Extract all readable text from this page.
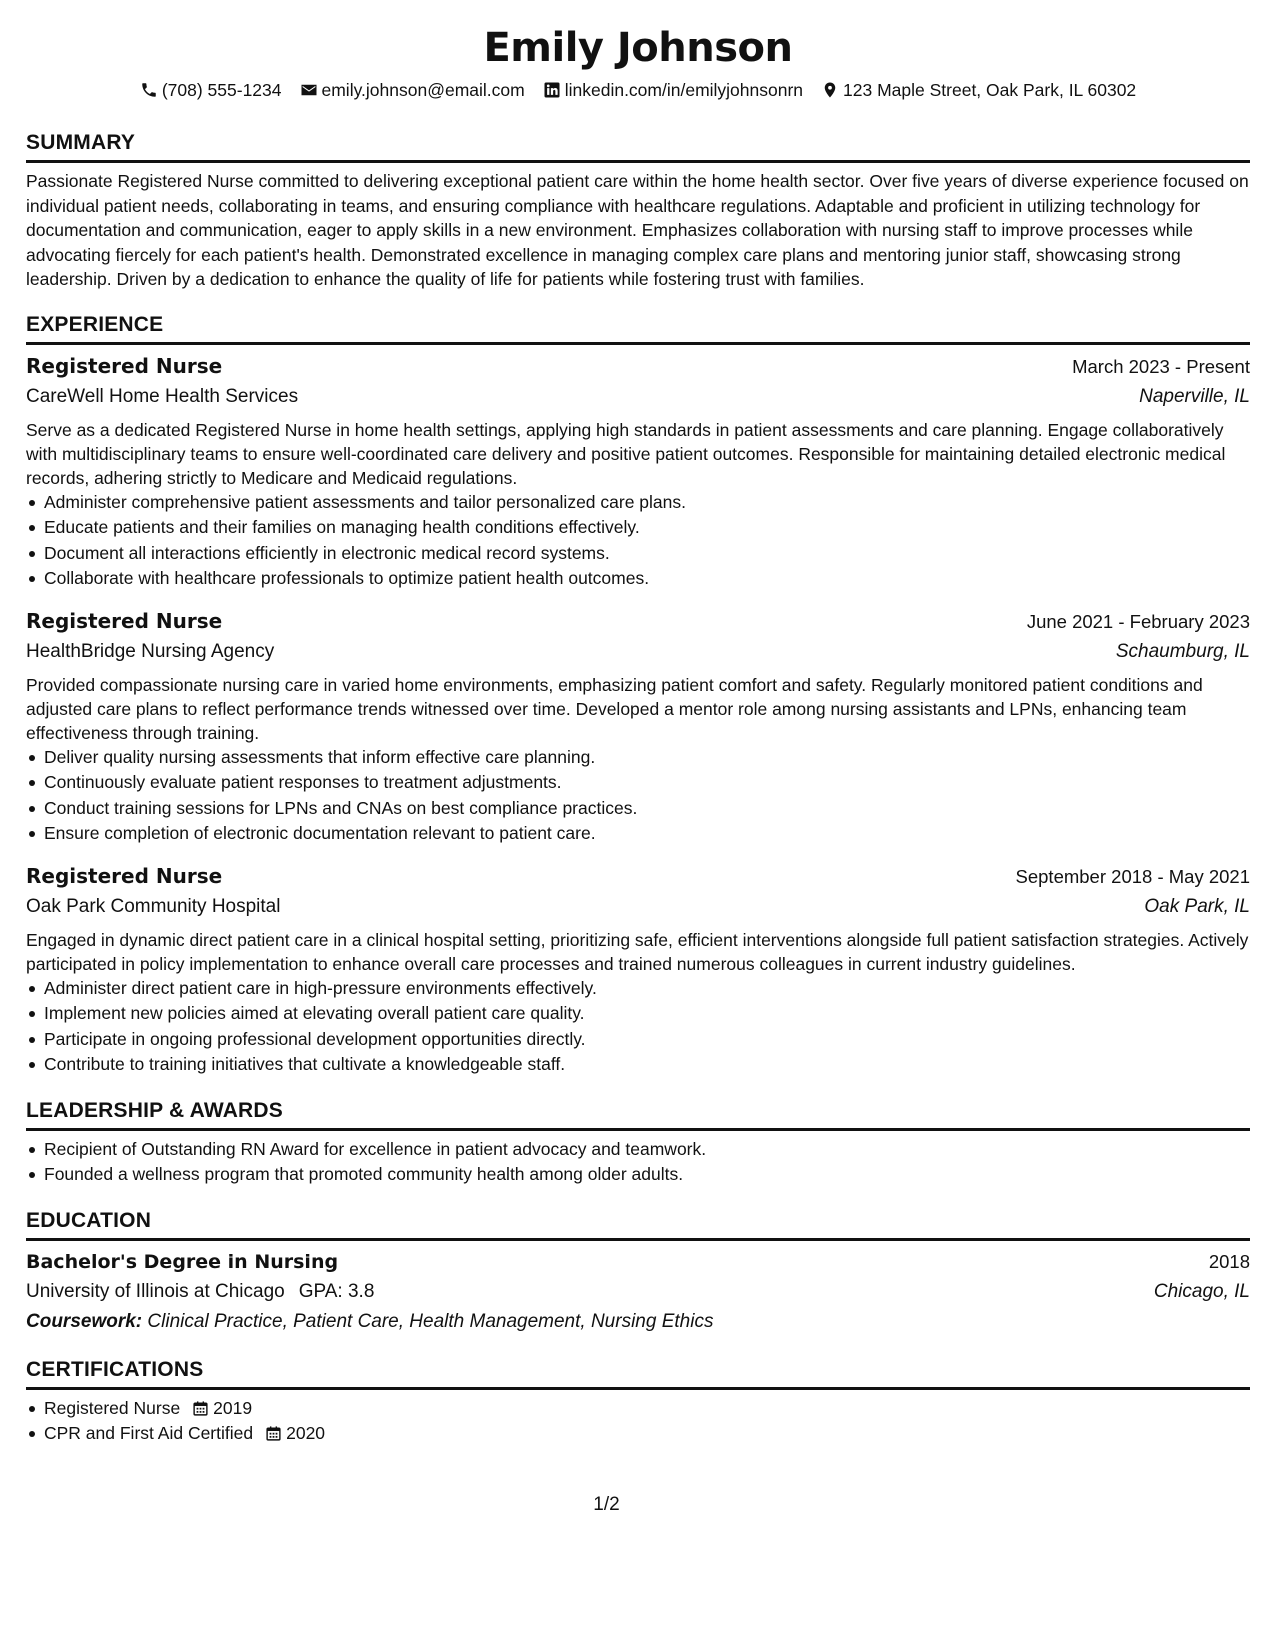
Emily Johnson
(708) 555-1234 emily.johnson@email.com linkedin.com/in/emilyjohnsonrn 123 Maple Street, Oak Park, IL 60302
SUMMARY
Passionate Registered Nurse committed to delivering exceptional patient care within the home health sector. Over five years of diverse experience focused on individual patient needs, collaborating in teams, and ensuring compliance with healthcare regulations. Adaptable and proficient in utilizing technology for documentation and communication, eager to apply skills in a new environment. Emphasizes collaboration with nursing staff to improve processes while advocating fiercely for each patient's health. Demonstrated excellence in managing complex care plans and mentoring junior staff, showcasing strong leadership. Driven by a dedication to enhance the quality of life for patients while fostering trust with families.
EXPERIENCE
Registered Nurse	March 2023 - Present
CareWell Home Health Services	Naperville, IL
Serve as a dedicated Registered Nurse in home health settings, applying high standards in patient assessments and care planning. Engage collaboratively with multidisciplinary teams to ensure well-coordinated care delivery and positive patient outcomes. Responsible for maintaining detailed electronic medical records, adhering strictly to Medicare and Medicaid regulations.
Administer comprehensive patient assessments and tailor personalized care plans.
Educate patients and their families on managing health conditions effectively.
Document all interactions efficiently in electronic medical record systems.
Collaborate with healthcare professionals to optimize patient health outcomes.
Registered Nurse	June 2021 - February 2023
HealthBridge Nursing Agency	Schaumburg, IL
Provided compassionate nursing care in varied home environments, emphasizing patient comfort and safety. Regularly monitored patient conditions and adjusted care plans to reflect performance trends witnessed over time. Developed a mentor role among nursing assistants and LPNs, enhancing team effectiveness through training.
Deliver quality nursing assessments that inform effective care planning.
Continuously evaluate patient responses to treatment adjustments.
Conduct training sessions for LPNs and CNAs on best compliance practices.
Ensure completion of electronic documentation relevant to patient care.
Registered Nurse	September 2018 - May 2021
Oak Park Community Hospital	Oak Park, IL
Engaged in dynamic direct patient care in a clinical hospital setting, prioritizing safe, efficient interventions alongside full patient satisfaction strategies. Actively participated in policy implementation to enhance overall care processes and trained numerous colleagues in current industry guidelines.
Administer direct patient care in high-pressure environments effectively.
Implement new policies aimed at elevating overall patient care quality.
Participate in ongoing professional development opportunities directly.
Contribute to training initiatives that cultivate a knowledgeable staff.
LEADERSHIP & AWARDS
Recipient of Outstanding RN Award for excellence in patient advocacy and teamwork.
Founded a wellness program that promoted community health among older adults.
EDUCATION
Bachelor's Degree in Nursing	2018
University of Illinois at Chicago GPA: 3.8	Chicago, IL
Coursework: Clinical Practice, Patient Care, Health Management, Nursing Ethics
CERTIFICATIONS
Registered Nurse 2019
CPR and First Aid Certified 2020
1/2
